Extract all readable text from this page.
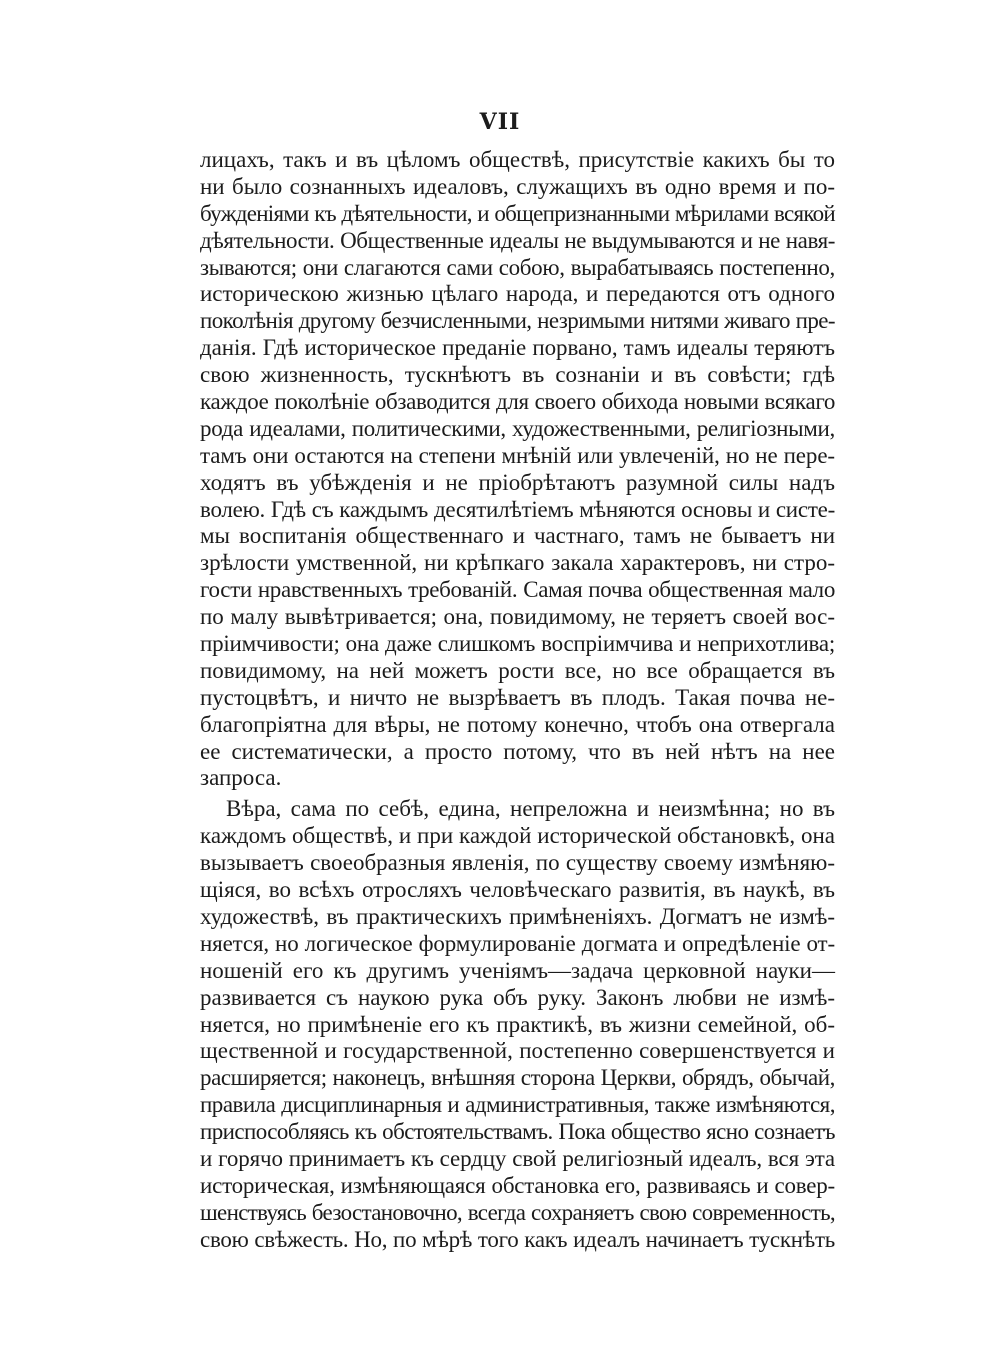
VII
лицахъ, такъ и въ цѣломъ обществѣ, присутствіе какихъ бы то
ни было сознанныхъ идеаловъ, служащихъ въ одно время и по-
бужденіями къ дѣятельности, и общепризнанными мѣрилами всякой
дѣятельности. Общественные идеалы не выдумываются и не навя-
зываются; они слагаются сами собою, вырабатываясь постепенно,
историческою жизнью цѣлаго народа, и передаются отъ одного
поколѣнія другому безчисленными, незримыми нитями живаго пре-
данія. Гдѣ историческое преданіе порвано, тамъ идеалы теряютъ
свою жизненность, тускнѣютъ въ сознаніи и въ совѣсти; гдѣ
каждое поколѣніе обзаводится для своего обихода новыми всякаго
рода идеалами, политическими, художественными, религіозными,
тамъ они остаются на степени мнѣній или увлеченій, но не пере-
ходятъ въ убѣжденія и не пріобрѣтаютъ разумной силы надъ
волею. Гдѣ съ каждымъ десятилѣтіемъ мѣняются основы и систе-
мы воспитанія общественнаго и частнаго, тамъ не бываетъ ни
зрѣлости умственной, ни крѣпкаго закала характеровъ, ни стро-
гости нравственныхъ требованій. Самая почва общественная мало
по малу вывѣтривается; она, повидимому, не теряетъ своей вос-
пріимчивости; она даже слишкомъ воспріимчива и неприхотлива;
повидимому, на ней можетъ рости все, но все обращается въ
пустоцвѣтъ, и ничто не вызрѣваетъ въ плодъ. Такая почва не-
благопріятна для вѣры, не потому конечно, чтобъ она отвергала
ее систематически, а просто потому, что въ ней нѣтъ на нее
запроса.
Вѣра, сама по себѣ, едина, непреложна и неизмѣнна; но въ
каждомъ обществѣ, и при каждой исторической обстановкѣ, она
вызываетъ своеобразныя явленія, по существу своему измѣняю-
щіяся, во всѣхъ отросляхъ человѣческаго развитія, въ наукѣ, въ
художествѣ, въ практическихъ примѣненіяхъ. Догматъ не измѣ-
няется, но логическое формулированіе догмата и опредѣленіе от-
ношеній его къ другимъ ученіямъ—задача церковной науки—
развивается съ наукою рука объ руку. Законъ любви не измѣ-
няется, но примѣненіе его къ практикѣ, въ жизни семейной, об-
щественной и государственной, постепенно совершенствуется и
расширяется; наконецъ, внѣшняя сторона Церкви, обрядъ, обычай,
правила дисциплинарныя и административныя, также измѣняются,
приспособляясь къ обстоятельствамъ. Пока общество ясно сознаетъ
и горячо принимаетъ къ сердцу свой религіозный идеалъ, вся эта
историческая, измѣняющаяся обстановка его, развиваясь и совер-
шенствуясь безостановочно, всегда сохраняетъ свою современность,
свою свѣжесть. Но, по мѣрѣ того какъ идеалъ начинаетъ тускнѣть
